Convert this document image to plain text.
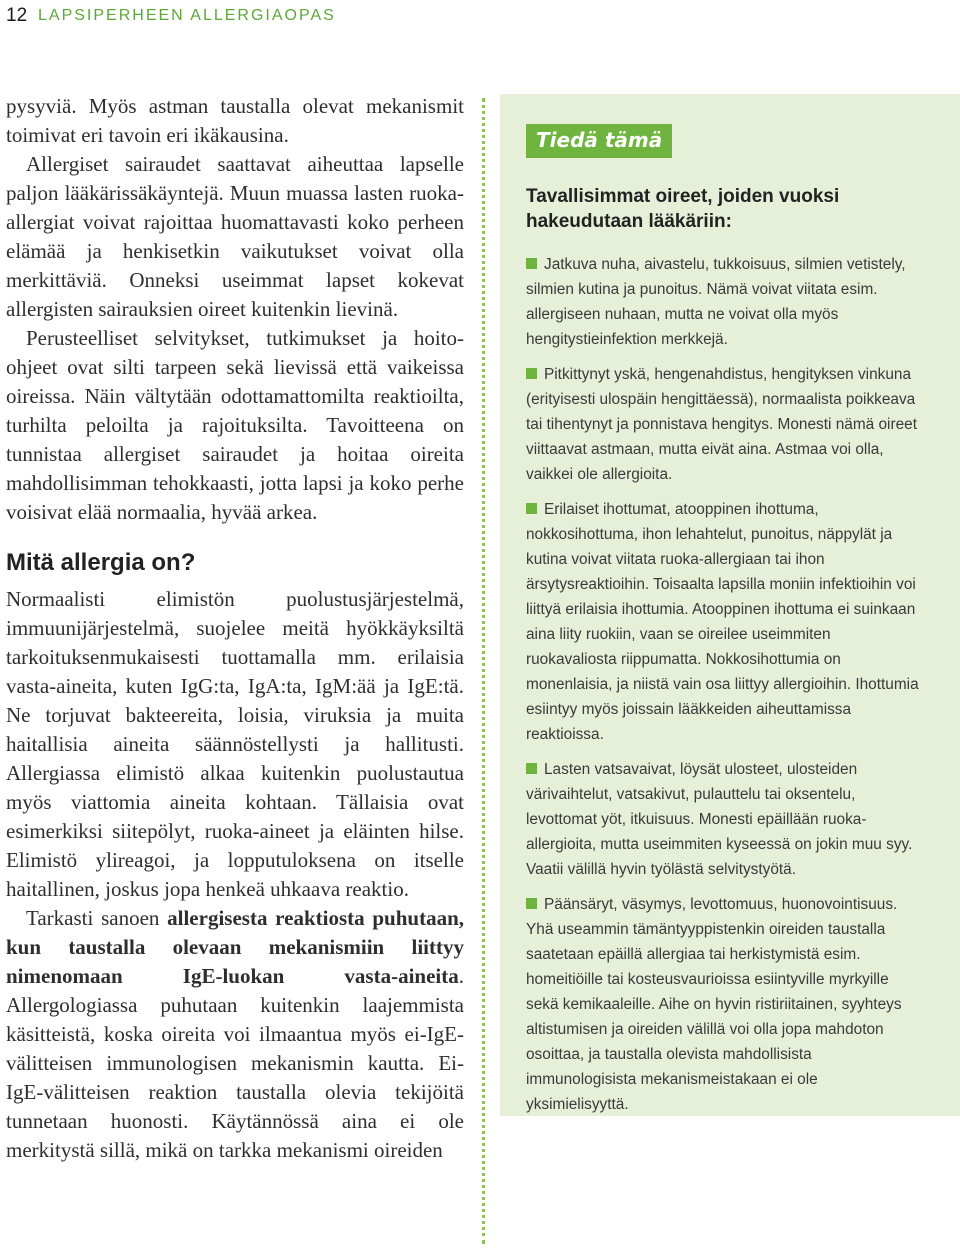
12 LAPSIPERHEEN ALLERGIAOPAS

pysyviä. Myös astman taustalla olevat mekanismit toimivat eri tavoin eri ikäkausina.

Allergiset sairaudet saattavat aiheuttaa lapselle paljon lääkärissäkäyntejä. Muun muassa lasten ruoka-allergiat voivat rajoittaa huomattavasti koko perheen elämää ja henkisetkin vaikutukset voivat olla merkittäviä. Onneksi useimmat lapset kokevat allergisten sairauksien oireet kuitenkin lievinä.

Perusteelliset selvitykset, tutkimukset ja hoito-ohjeet ovat silti tarpeen sekä lievissä että vaikeissa oireissa. Näin vältytään odottamattomilta reaktioilta, turhilta peloilta ja rajoituksilta. Tavoitteena on tunnistaa allergiset sairaudet ja hoitaa oireita mahdollisimman tehokkaasti, jotta lapsi ja koko perhe voisivat elää normaalia, hyvää arkea.

Mitä allergia on?

Normaalisti elimistön puolustusjärjestelmä, immuunijärjestelmä, suojelee meitä hyökkäyksiltä tarkoituksenmukaisesti tuottamalla mm. erilaisia vasta-aineita, kuten IgG:ta, IgA:ta, IgM:ää ja IgE:tä. Ne torjuvat bakteereita, loisia, viruksia ja muita haitallisia aineita säännöstellysti ja hallitusti. Allergiassa elimistö alkaa kuitenkin puolustautua myös viattomia aineita kohtaan. Tällaisia ovat esimerkiksi siitepölyt, ruoka-aineet ja eläinten hilse. Elimistö ylireagoi, ja lopputuloksena on itselle haitallinen, joskus jopa henkeä uhkaava reaktio.

Tarkasti sanoen allergisesta reaktiosta puhutaan, kun taustalla olevaan mekanismiin liittyy nimenomaan IgE-luokan vasta-aineita. Allergologiassa puhutaan kuitenkin laajemmista käsitteistä, koska oireita voi ilmaantua myös ei-IgE-välitteisen immunologisen mekanismin kautta. Ei-IgE-välitteisen reaktion taustalla olevia tekijöitä tunnetaan huonosti. Käytännössä aina ei ole merkitystä sillä, mikä on tarkka mekanismi oireiden

Tiedä tämä
Tavallisimmat oireet, joiden vuoksi hakeudutaan lääkäriin:
Jatkuva nuha, aivastelu, tukkoisuus, silmien vetistely, silmien kutina ja punoitus. Nämä voivat viitata esim. allergiseen nuhaan, mutta ne voivat olla myös hengitystieinfektion merkkejä.
Pitkittynyt yskä, hengenahdistus, hengityksen vinkuna (erityisesti ulospäin hengittäessä), normaalista poikkeava tai tihentynyt ja ponnistava hengitys. Monesti nämä oireet viittaavat astmaan, mutta eivät aina. Astmaa voi olla, vaikkei ole allergioita.
Erilaiset ihottumat, atooppinen ihottuma, nokkosihottuma, ihon lehahtelut, punoitus, näppylät ja kutina voivat viitata ruoka-allergiaan tai ihon ärsytysreaktioihin. Toisaalta lapsilla moniin infektioihin voi liittyä erilaisia ihottumia. Atooppinen ihottuma ei suinkaan aina liity ruokiin, vaan se oireilee useimmiten ruokavaliosta riippumatta. Nokkosihottumia on monenlaisia, ja niistä vain osa liittyy allergioihin. Ihottumia esiintyy myös joissain lääkkeiden aiheuttamissa reaktioissa.
Lasten vatsavaivat, löysät ulosteet, ulosteiden värivaihtelut, vatsakivut, pulauttelu tai oksentelu, levottomat yöt, itkuisuus. Monesti epäillään ruoka-allergioita, mutta useimmiten kyseessä on jokin muu syy. Vaatii välillä hyvin työlästä selvitystyötä.
Päänsäryt, väsymys, levottomuus, huonovointisuus. Yhä useammin tämäntyyppistenkin oireiden taustalla saatetaan epäillä allergiaa tai herkistymistä esim. homeitiöille tai kosteusvaurioissa esiintyville myrkyille sekä kemikaaleille. Aihe on hyvin ristiriitainen, syyhteys altistumisen ja oireiden välillä voi olla jopa mahdoton osoittaa, ja taustalla olevista mahdollisista immunologisista mekanismeistakaan ei ole yksimielisyyttä.
